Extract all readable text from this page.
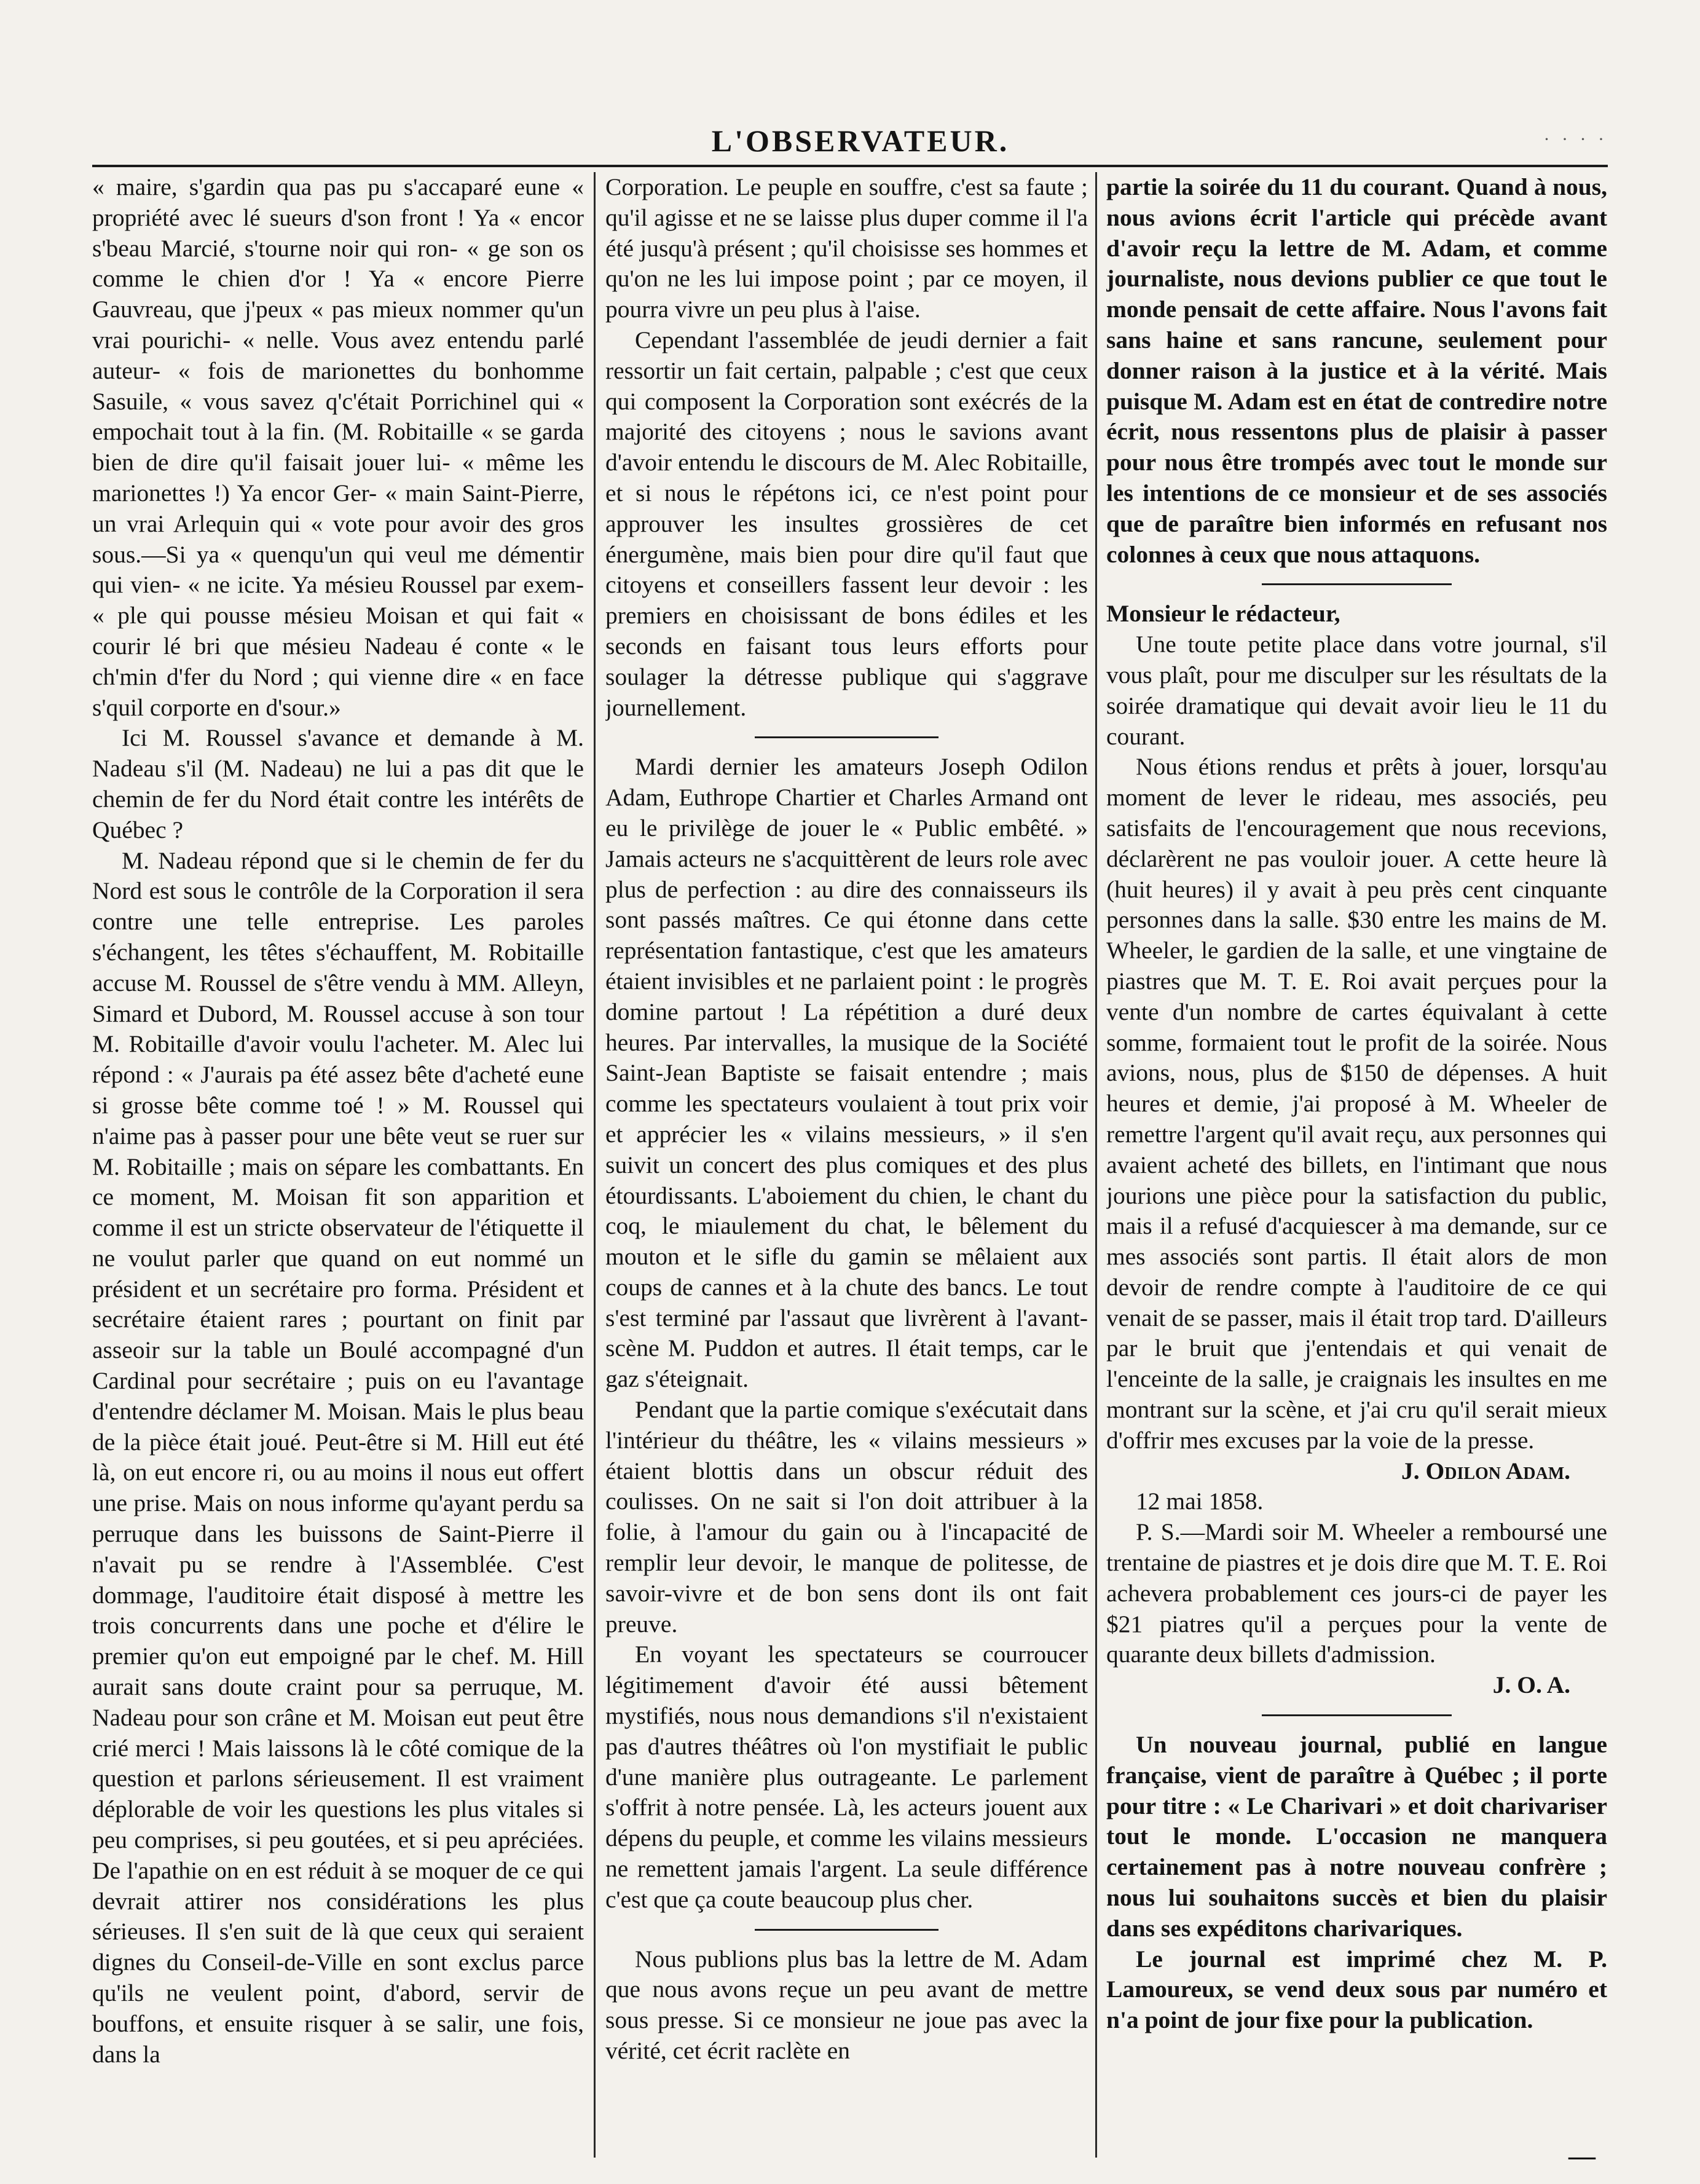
L'OBSERVATEUR.	· · · ·

« maire, s'gardin qua pas pu s'accaparé eune « propriété avec lé sueurs d'son front ! Ya « encor s'beau Marcié, s'tourne noir qui ron- « ge son os comme le chien d'or ! Ya « encore Pierre Gauvreau, que j'peux « pas mieux nommer qu'un vrai pourichi- « nelle. Vous avez entendu parlé auteur- « fois de marionettes du bonhomme Sasuile, « vous savez q'c'était Porrichinel qui « empochait tout à la fin. (M. Robitaille « se garda bien de dire qu'il faisait jouer lui- « même les marionettes !) Ya encor Ger- « main Saint-Pierre, un vrai Arlequin qui « vote pour avoir des gros sous.—Si ya « quenqu'un qui veul me démentir qui vien- « ne icite. Ya mésieu Roussel par exem- « ple qui pousse mésieu Moisan et qui fait « courir lé bri que mésieu Nadeau é conte « le ch'min d'fer du Nord ; qui vienne dire « en face s'quil corporte en d'sour.»

Ici M. Roussel s'avance et demande à M. Nadeau s'il (M. Nadeau) ne lui a pas dit que le chemin de fer du Nord était contre les intérêts de Québec ?

M. Nadeau répond que si le chemin de fer du Nord est sous le contrôle de la Corporation il sera contre une telle entreprise. Les paroles s'échangent, les têtes s'échauffent, M. Robitaille accuse M. Roussel de s'être vendu à MM. Alleyn, Simard et Dubord, M. Roussel accuse à son tour M. Robitaille d'avoir voulu l'acheter. M. Alec lui répond : « J'aurais pa été assez bête d'acheté eune si grosse bête comme toé ! » M. Roussel qui n'aime pas à passer pour une bête veut se ruer sur M. Robitaille ; mais on sépare les combattants. En ce moment, M. Moisan fit son apparition et comme il est un stricte observateur de l'étiquette il ne voulut parler que quand on eut nommé un président et un secrétaire pro forma. Président et secrétaire étaient rares ; pourtant on finit par asseoir sur la table un Boulé accompagné d'un Cardinal pour secrétaire ; puis on eu l'avantage d'entendre déclamer M. Moisan. Mais le plus beau de la pièce était joué. Peut-être si M. Hill eut été là, on eut encore ri, ou au moins il nous eut offert une prise. Mais on nous informe qu'ayant perdu sa perruque dans les buissons de Saint-Pierre il n'avait pu se rendre à l'Assemblée. C'est dommage, l'auditoire était disposé à mettre les trois concurrents dans une poche et d'élire le premier qu'on eut empoigné par le chef. M. Hill aurait sans doute craint pour sa perruque, M. Nadeau pour son crâne et M. Moisan eut peut être crié merci ! Mais laissons là le côté comique de la question et parlons sérieusement. Il est vraiment déplorable de voir les questions les plus vitales si peu comprises, si peu goutées, et si peu apréciées. De l'apathie on en est réduit à se moquer de ce qui devrait attirer nos considérations les plus sérieuses. Il s'en suit de là que ceux qui seraient dignes du Conseil-de-Ville en sont exclus parce qu'ils ne veulent point, d'abord, servir de bouffons, et ensuite risquer à se salir, une fois, dans la

Corporation. Le peuple en souffre, c'est sa faute ; qu'il agisse et ne se laisse plus duper comme il l'a été jusqu'à présent ; qu'il choisisse ses hommes et qu'on ne les lui impose point ; par ce moyen, il pourra vivre un peu plus à l'aise.

Cependant l'assemblée de jeudi dernier a fait ressortir un fait certain, palpable ; c'est que ceux qui composent la Corporation sont exécrés de la majorité des citoyens ; nous le savions avant d'avoir entendu le discours de M. Alec Robitaille, et si nous le répétons ici, ce n'est point pour approuver les insultes grossières de cet énergumène, mais bien pour dire qu'il faut que citoyens et conseillers fassent leur devoir : les premiers en choisissant de bons édiles et les seconds en faisant tous leurs efforts pour soulager la détresse publique qui s'aggrave journellement.

Mardi dernier les amateurs Joseph Odilon Adam, Euthrope Chartier et Charles Armand ont eu le privilège de jouer le « Public embêté. » Jamais acteurs ne s'acquittèrent de leurs role avec plus de perfection : au dire des connaisseurs ils sont passés maîtres. Ce qui étonne dans cette représentation fantastique, c'est que les amateurs étaient invisibles et ne parlaient point : le progrès domine partout ! La répétition a duré deux heures. Par intervalles, la musique de la Société Saint-Jean Baptiste se faisait entendre ; mais comme les spectateurs voulaient à tout prix voir et apprécier les « vilains messieurs, » il s'en suivit un concert des plus comiques et des plus étourdissants. L'aboiement du chien, le chant du coq, le miaulement du chat, le bêlement du mouton et le sifle du gamin se mêlaient aux coups de cannes et à la chute des bancs. Le tout s'est terminé par l'assaut que livrèrent à l'avant-scène M. Puddon et autres. Il était temps, car le gaz s'éteignait.

Pendant que la partie comique s'exécutait dans l'intérieur du théâtre, les « vilains messieurs » étaient blottis dans un obscur réduit des coulisses. On ne sait si l'on doit attribuer à la folie, à l'amour du gain ou à l'incapacité de remplir leur devoir, le manque de politesse, de savoir-vivre et de bon sens dont ils ont fait preuve.

En voyant les spectateurs se courroucer légitimement d'avoir été aussi bêtement mystifiés, nous nous demandions s'il n'existaient pas d'autres théâtres où l'on mystifiait le public d'une manière plus outrageante. Le parlement s'offrit à notre pensée. Là, les acteurs jouent aux dépens du peuple, et comme les vilains messieurs ne remettent jamais l'argent. La seule différence c'est que ça coute beaucoup plus cher.

Nous publions plus bas la lettre de M. Adam que nous avons reçue un peu avant de mettre sous presse. Si ce monsieur ne joue pas avec la vérité, cet écrit raclète en

partie la soirée du 11 du courant. Quand à nous, nous avions écrit l'article qui précède avant d'avoir reçu la lettre de M. Adam, et comme journaliste, nous devions publier ce que tout le monde pensait de cette affaire. Nous l'avons fait sans haine et sans rancune, seulement pour donner raison à la justice et à la vérité. Mais puisque M. Adam est en état de contredire notre écrit, nous ressentons plus de plaisir à passer pour nous être trompés avec tout le monde sur les intentions de ce monsieur et de ses associés que de paraître bien informés en refusant nos colonnes à ceux que nous attaquons.

Monsieur le rédacteur,

Une toute petite place dans votre journal, s'il vous plaît, pour me disculper sur les résultats de la soirée dramatique qui devait avoir lieu le 11 du courant.

Nous étions rendus et prêts à jouer, lorsqu'au moment de lever le rideau, mes associés, peu satisfaits de l'encouragement que nous recevions, déclarèrent ne pas vouloir jouer. A cette heure là (huit heures) il y avait à peu près cent cinquante personnes dans la salle. $30 entre les mains de M. Wheeler, le gardien de la salle, et une vingtaine de piastres que M. T. E. Roi avait perçues pour la vente d'un nombre de cartes équivalant à cette somme, formaient tout le profit de la soirée. Nous avions, nous, plus de $150 de dépenses. A huit heures et demie, j'ai proposé à M. Wheeler de remettre l'argent qu'il avait reçu, aux personnes qui avaient acheté des billets, en l'intimant que nous jourions une pièce pour la satisfaction du public, mais il a refusé d'acquiescer à ma demande, sur ce mes associés sont partis. Il était alors de mon devoir de rendre compte à l'auditoire de ce qui venait de se passer, mais il était trop tard. D'ailleurs par le bruit que j'entendais et qui venait de l'enceinte de la salle, je craignais les insultes en me montrant sur la scène, et j'ai cru qu'il serait mieux d'offrir mes excuses par la voie de la presse.

J. Odilon Adam.

12 mai 1858.

P. S.—Mardi soir M. Wheeler a remboursé une trentaine de piastres et je dois dire que M. T. E. Roi achevera probablement ces jours-ci de payer les $21 piatres qu'il a perçues pour la vente de quarante deux billets d'admission.

J. O. A.

Un nouveau journal, publié en langue française, vient de paraître à Québec ; il porte pour titre : « Le Charivari » et doit charivariser tout le monde. L'occasion ne manquera certainement pas à notre nouveau confrère ; nous lui souhaitons succès et bien du plaisir dans ses expéditons charivariques.

Le journal est imprimé chez M. P. Lamoureux, se vend deux sous par numéro et n'a point de jour fixe pour la publication.

—
